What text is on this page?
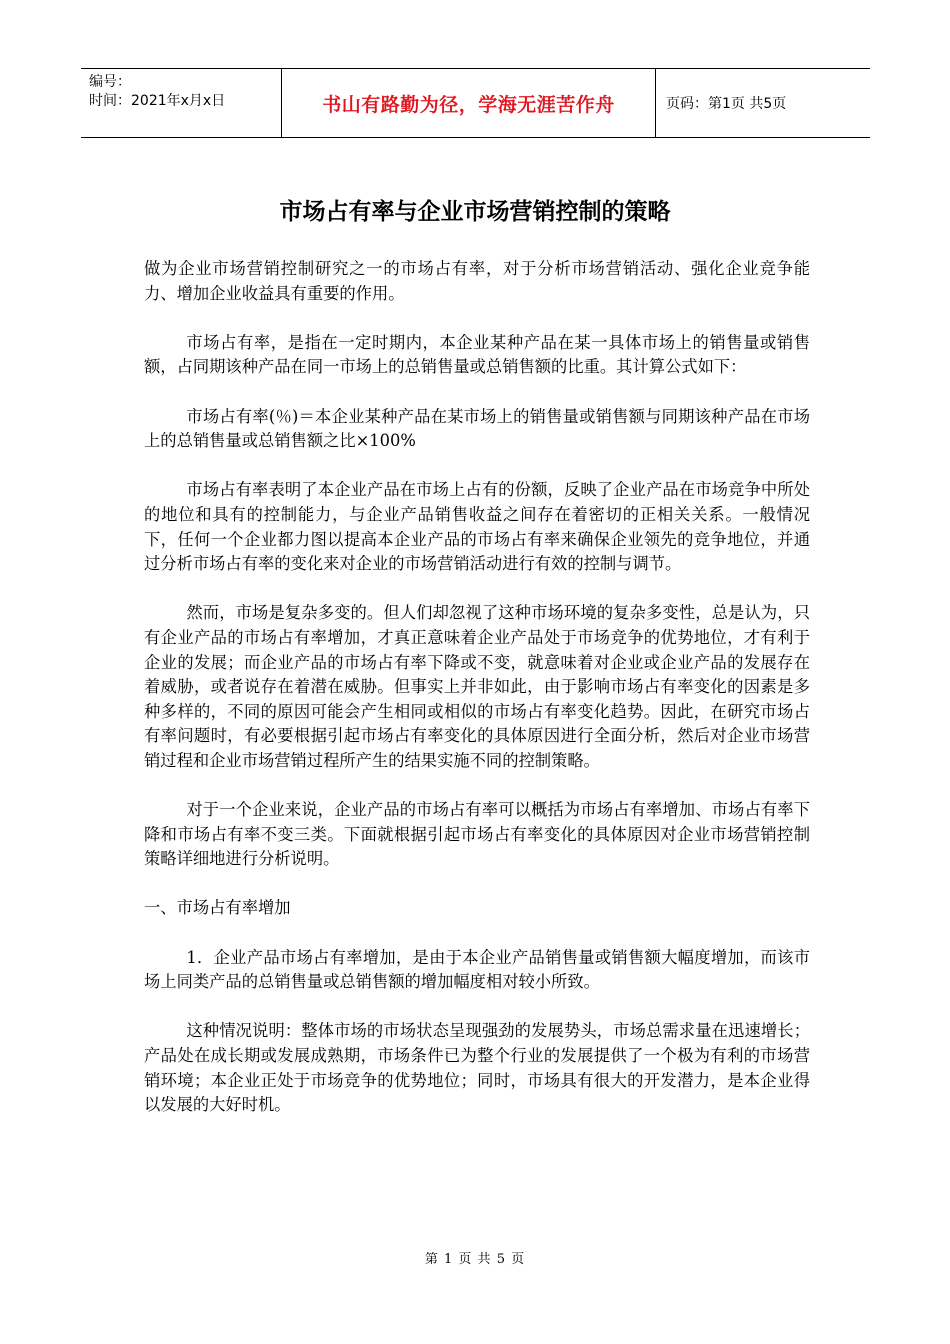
编号：
时间：2021年x月x日	书山有路勤为径，学海无涯苦作舟	页码：第1页 共5页
市场占有率与企业市场营销控制的策略

做为企业市场营销控制研究之一的市场占有率，对于分析市场营销活动、强化企业竞争能力、增加企业收益具有重要的作用。

市场占有率，是指在一定时期内，本企业某种产品在某一具体市场上的销售量或销售额，占同期该种产品在同一市场上的总销售量或总销售额的比重。其计算公式如下：

市场占有率(％)＝本企业某种产品在某市场上的销售量或销售额与同期该种产品在市场上的总销售量或总销售额之比×100%

市场占有率表明了本企业产品在市场上占有的份额，反映了企业产品在市场竞争中所处的地位和具有的控制能力，与企业产品销售收益之间存在着密切的正相关关系。一般情况下，任何一个企业都力图以提高本企业产品的市场占有率来确保企业领先的竞争地位，并通过分析市场占有率的变化来对企业的市场营销活动进行有效的控制与调节。

然而，市场是复杂多变的。但人们却忽视了这种市场环境的复杂多变性，总是认为，只有企业产品的市场占有率增加，才真正意味着企业产品处于市场竞争的优势地位，才有利于企业的发展；而企业产品的市场占有率下降或不变，就意味着对企业或企业产品的发展存在着威胁，或者说存在着潜在威胁。但事实上并非如此，由于影响市场占有率变化的因素是多种多样的，不同的原因可能会产生相同或相似的市场占有率变化趋势。因此，在研究市场占有率问题时，有必要根据引起市场占有率变化的具体原因进行全面分析，然后对企业市场营销过程和企业市场营销过程所产生的结果实施不同的控制策略。

对于一个企业来说，企业产品的市场占有率可以概括为市场占有率增加、市场占有率下降和市场占有率不变三类。下面就根据引起市场占有率变化的具体原因对企业市场营销控制策略详细地进行分析说明。

一、市场占有率增加

1．企业产品市场占有率增加，是由于本企业产品销售量或销售额大幅度增加，而该市场上同类产品的总销售量或总销售额的增加幅度相对较小所致。

这种情况说明：整体市场的市场状态呈现强劲的发展势头，市场总需求量在迅速增长；产品处在成长期或发展成熟期，市场条件已为整个行业的发展提供了一个极为有利的市场营销环境；本企业正处于市场竞争的优势地位；同时，市场具有很大的开发潜力，是本企业得以发展的大好时机。

第 1 页 共 5 页
